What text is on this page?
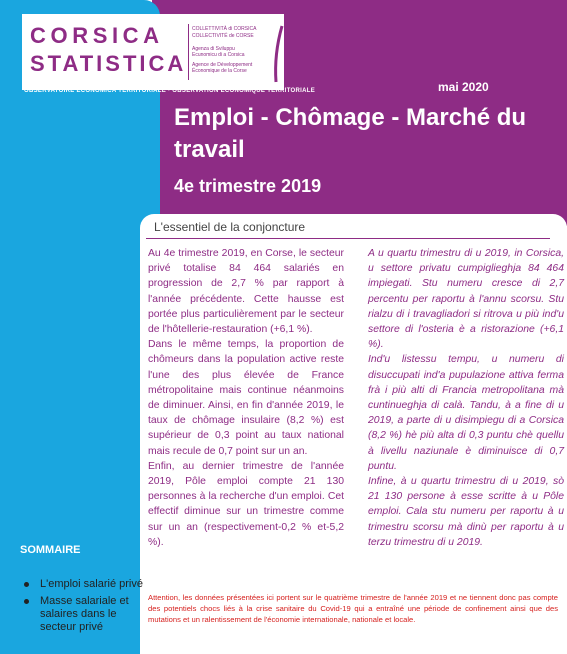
CORSICA
STATISTICA
COLLETTIVITÀ di CORSICA
COLLECTIVITÉ de CORSE
Agenza di Sviluppu
Ecunomicu di a Corsica
Agence de Développement
Économique de la Corse
OBSERVATOIRE ECONOMICA TERRITORIALE · OBSERVATION ÉCONOMIQUE TERRITORIALE	mai 2020
Emploi - Chômage - Marché du travail
4e trimestre 2019
L'essentiel de la conjoncture

Au 4e trimestre 2019, en Corse, le secteur privé totalise 84 464 salariés en progression de 2,7 % par rapport à l'année précédente. Cette hausse est portée plus particulièrement par le secteur de l'hôtellerie-restauration (+6,1 %).

Dans le même temps, la proportion de chômeurs dans la population active reste l'une des plus élevée de France métropolitaine mais continue néanmoins de diminuer. Ainsi, en fin d'année 2019, le taux de chômage insulaire (8,2 %) est supérieur de 0,3 point au taux national mais recule de 0,7 point sur un an.

Enfin, au dernier trimestre de l'année 2019, Pôle emploi compte 21 130 personnes à la recherche d'un emploi. Cet effectif diminue sur un trimestre comme sur un an (respectivement-0,2 % et-5,2 %).

A u quartu trimestru di u 2019, in Corsica, u settore privatu cumpiglieghja 84 464 impiegati. Stu numeru cresce di 2,7 percentu per raportu à l'annu scorsu. Stu rialzu di i travagliadori si ritrova u più ind'u settore di l'osteria è a ristorazione (+6,1 %).

Ind'u listessu tempu, u numeru di disuccupati ind'a pupulazione attiva ferma frà i più alti di Francia metropolitana mà cuntinueghja di calà. Tandu, à a fine di u 2019, a parte di u disimpiegu di a Corsica (8,2 %) hè più alta di 0,3 puntu chè quellu à livellu naziunale è diminuisce di 0,7 puntu.

Infine, à u quartu trimestru di u 2019, sò 21 130 persone à esse scritte à u Pôle emploi. Cala stu numeru per raportu à u trimestru scorsu mà dinù per raportu à u terzu trimestru di u 2019.

Attention, les données présentées ici portent sur le quatrième trimestre de l'année 2019 et ne tiennent donc pas compte des potentiels chocs liés à la crise sanitaire du Covid-19 qui a entraîné une période de confinement ainsi que des mutations et un ralentissement de l'économie internationale, nationale et locale.
SOMMAIRE
L'emploi salarié privé
Masse salariale et salaires dans le secteur privé
